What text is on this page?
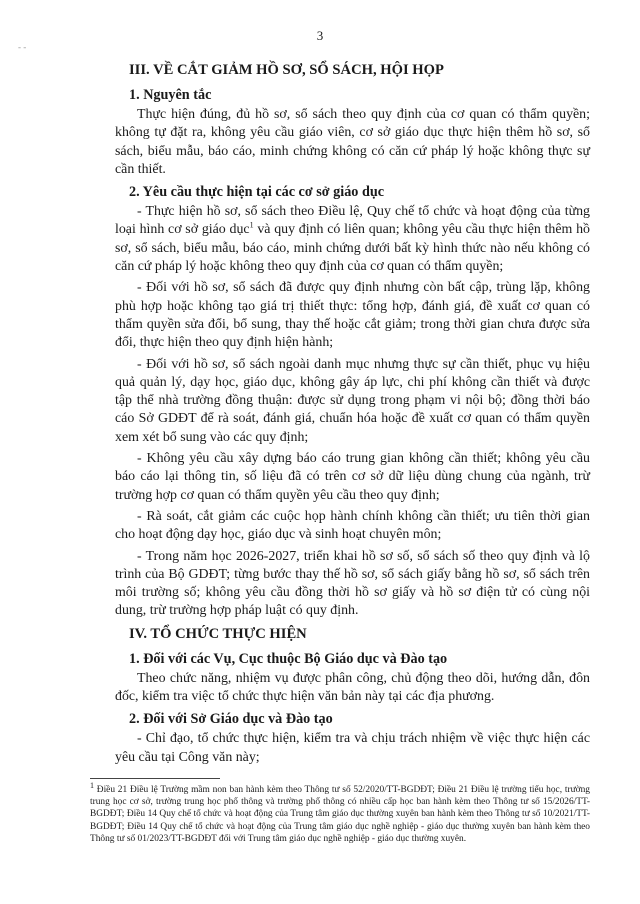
- -
3
III. VỀ CẮT GIẢM HỒ SƠ, SỔ SÁCH, HỘI HỌP
1. Nguyên tắc

Thực hiện đúng, đủ hồ sơ, sổ sách theo quy định của cơ quan có thẩm quyền; không tự đặt ra, không yêu cầu giáo viên, cơ sở giáo dục thực hiện thêm hồ sơ, sổ sách, biểu mẫu, báo cáo, minh chứng không có căn cứ pháp lý hoặc không thực sự cần thiết.

2. Yêu cầu thực hiện tại các cơ sở giáo dục

- Thực hiện hồ sơ, sổ sách theo Điều lệ, Quy chế tổ chức và hoạt động của từng loại hình cơ sở giáo dục$^1$ và quy định có liên quan; không yêu cầu thực hiện thêm hồ sơ, sổ sách, biểu mẫu, báo cáo, minh chứng dưới bất kỳ hình thức nào nếu không có căn cứ pháp lý hoặc không theo quy định của cơ quan có thẩm quyền;

- Đối với hồ sơ, sổ sách đã được quy định nhưng còn bất cập, trùng lặp, không phù hợp hoặc không tạo giá trị thiết thực: tổng hợp, đánh giá, đề xuất cơ quan có thẩm quyền sửa đổi, bổ sung, thay thế hoặc cắt giảm; trong thời gian chưa được sửa đổi, thực hiện theo quy định hiện hành;

- Đối với hồ sơ, sổ sách ngoài danh mục nhưng thực sự cần thiết, phục vụ hiệu quả quản lý, dạy học, giáo dục, không gây áp lực, chi phí không cần thiết và được tập thể nhà trường đồng thuận: được sử dụng trong phạm vi nội bộ; đồng thời báo cáo Sở GDĐT để rà soát, đánh giá, chuẩn hóa hoặc đề xuất cơ quan có thẩm quyền xem xét bổ sung vào các quy định;

- Không yêu cầu xây dựng báo cáo trung gian không cần thiết; không yêu cầu báo cáo lại thông tin, số liệu đã có trên cơ sở dữ liệu dùng chung của ngành, trừ trường hợp cơ quan có thẩm quyền yêu cầu theo quy định;

- Rà soát, cắt giảm các cuộc họp hành chính không cần thiết; ưu tiên thời gian cho hoạt động dạy học, giáo dục và sinh hoạt chuyên môn;

- Trong năm học 2026-2027, triển khai hồ sơ số, sổ sách số theo quy định và lộ trình của Bộ GDĐT; từng bước thay thế hồ sơ, sổ sách giấy bằng hồ sơ, sổ sách trên môi trường số; không yêu cầu đồng thời hồ sơ giấy và hồ sơ điện tử có cùng nội dung, trừ trường hợp pháp luật có quy định.

IV. TỔ CHỨC THỰC HIỆN
1. Đối với các Vụ, Cục thuộc Bộ Giáo dục và Đào tạo

Theo chức năng, nhiệm vụ được phân công, chủ động theo dõi, hướng dẫn, đôn đốc, kiểm tra việc tổ chức thực hiện văn bản này tại các địa phương.

2. Đối với Sở Giáo dục và Đào tạo

- Chỉ đạo, tổ chức thực hiện, kiểm tra và chịu trách nhiệm về việc thực hiện các yêu cầu tại Công văn này;

$^1$ Điều 21 Điều lệ Trường mầm non ban hành kèm theo Thông tư số 52/2020/TT-BGDĐT; Điều 21 Điều lệ trường tiểu học, trường trung học cơ sở, trường trung học phổ thông và trường phổ thông có nhiều cấp học ban hành kèm theo Thông tư số 15/2026/TT-BGDĐT; Điều 14 Quy chế tổ chức và hoạt động của Trung tâm giáo dục thường xuyên ban hành kèm theo Thông tư số 10/2021/TT-BGDĐT; Điều 14 Quy chế tổ chức và hoạt động của Trung tâm giáo dục nghề nghiệp - giáo dục thường xuyên ban hành kèm theo Thông tư số 01/2023/TT-BGDĐT đối với Trung tâm giáo dục nghề nghiệp - giáo dục thường xuyên.
